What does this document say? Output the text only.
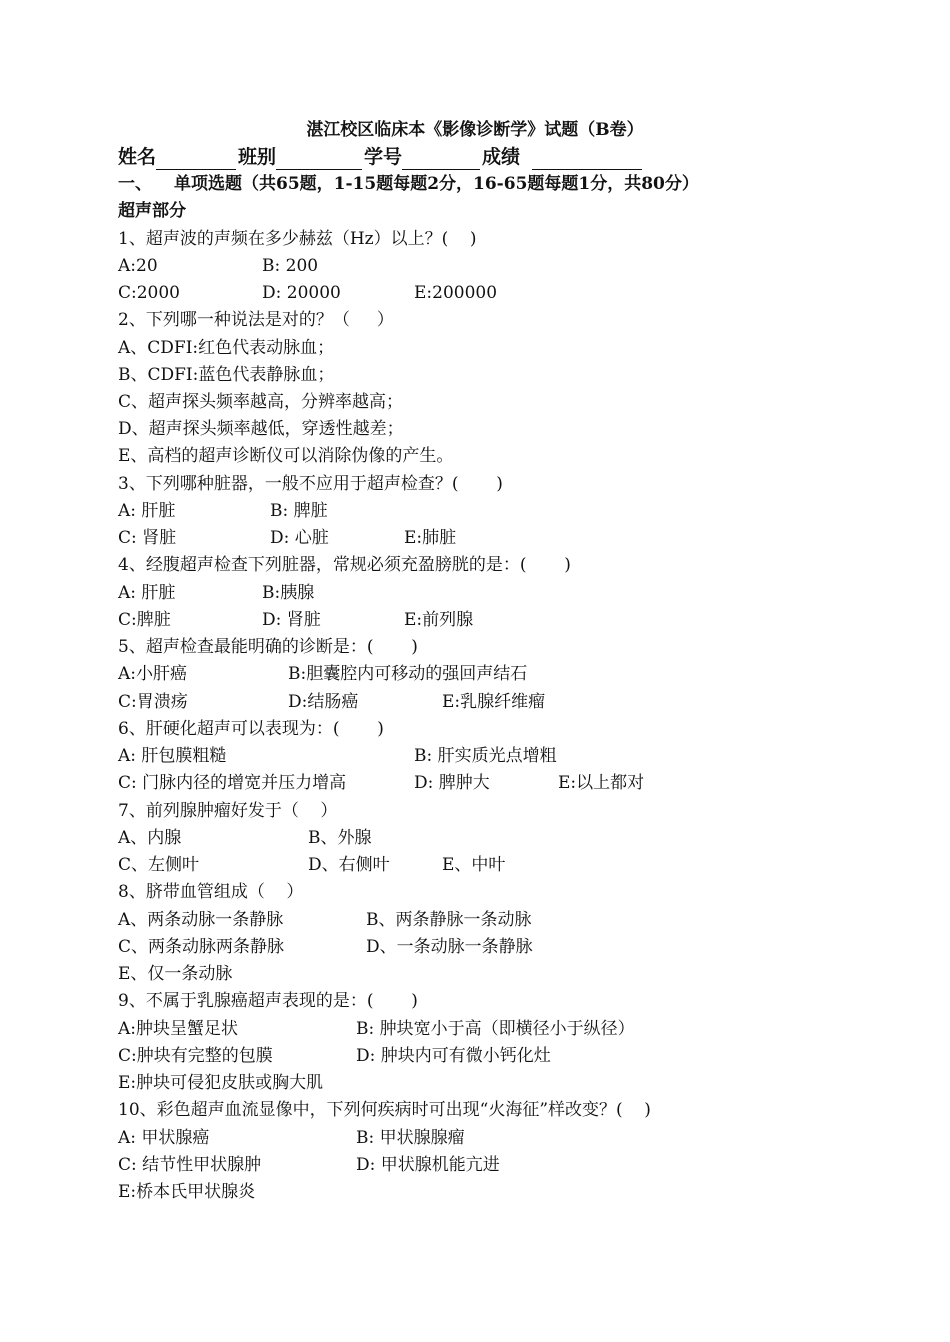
湛江校区临床本《影像诊断学》试题（B卷）
姓名	班别	学号	成绩
一、 单项选题（共65题，1-15题每题2分，16-65题每题1分，共80分）
超声部分
1、超声波的声频在多少赫兹（Hz）以上？(    )
A:20	B: 200
C:2000	D: 20000	E:200000
2、下列哪一种说法是对的？（     ）
A、CDFI:红色代表动脉血；
B、CDFI:蓝色代表静脉血；
C、超声探头频率越高，分辨率越高；
D、超声探头频率越低，穿透性越差；
E、高档的超声诊断仪可以消除伪像的产生。
3、下列哪种脏器，一般不应用于超声检查？(       )
A: 肝脏	B: 脾脏
C: 肾脏	D: 心脏	E:肺脏
4、经腹超声检查下列脏器，常规必须充盈膀胱的是：(       )
A: 肝脏	B:胰腺
C:脾脏	D: 肾脏	E:前列腺
5、超声检查最能明确的诊断是：(       )
A:小肝癌	B:胆囊腔内可移动的强回声结石
C:胃溃疡	D:结肠癌	E:乳腺纤维瘤
6、肝硬化超声可以表现为：(       )
A: 肝包膜粗糙	B: 肝实质光点增粗
C: 门脉内径的增宽并压力增高	D: 脾肿大	E:以上都对
7、前列腺肿瘤好发于（    ）
A、内腺	B、外腺
C、左侧叶	D、右侧叶	E、中叶
8、脐带血管组成（    ）
A、两条动脉一条静脉	B、两条静脉一条动脉
C、两条动脉两条静脉	D、一条动脉一条静脉
E、仅一条动脉
9、不属于乳腺癌超声表现的是：(       )
A:肿块呈蟹足状	B: 肿块宽小于高（即横径小于纵径）
C:肿块有完整的包膜	D: 肿块内可有微小钙化灶
E:肿块可侵犯皮肤或胸大肌
10、彩色超声血流显像中，下列何疾病时可出现“火海征”样改变？(    )
A: 甲状腺癌	B: 甲状腺腺瘤
C: 结节性甲状腺肿	D: 甲状腺机能亢进
E:桥本氏甲状腺炎
